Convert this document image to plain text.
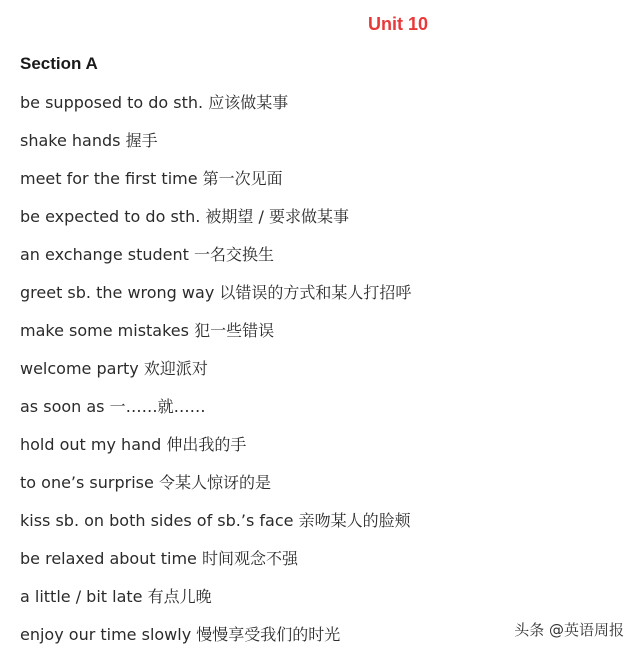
Unit 10
Section A
be supposed to do sth. 应该做某事
shake hands 握手
meet for the first time 第一次见面
be expected to do sth. 被期望 / 要求做某事
an exchange student 一名交换生
greet sb. the wrong way 以错误的方式和某人打招呼
make some mistakes 犯一些错误
welcome party 欢迎派对
as soon as 一……就……
hold out my hand 伸出我的手
to one’s surprise 令某人惊讶的是
kiss sb. on both sides of sb.’s face 亲吻某人的脸颊
be relaxed about time 时间观念不强
a little / bit late 有点儿晚
enjoy our time slowly 慢慢享受我们的时光	头条 @英语周报
